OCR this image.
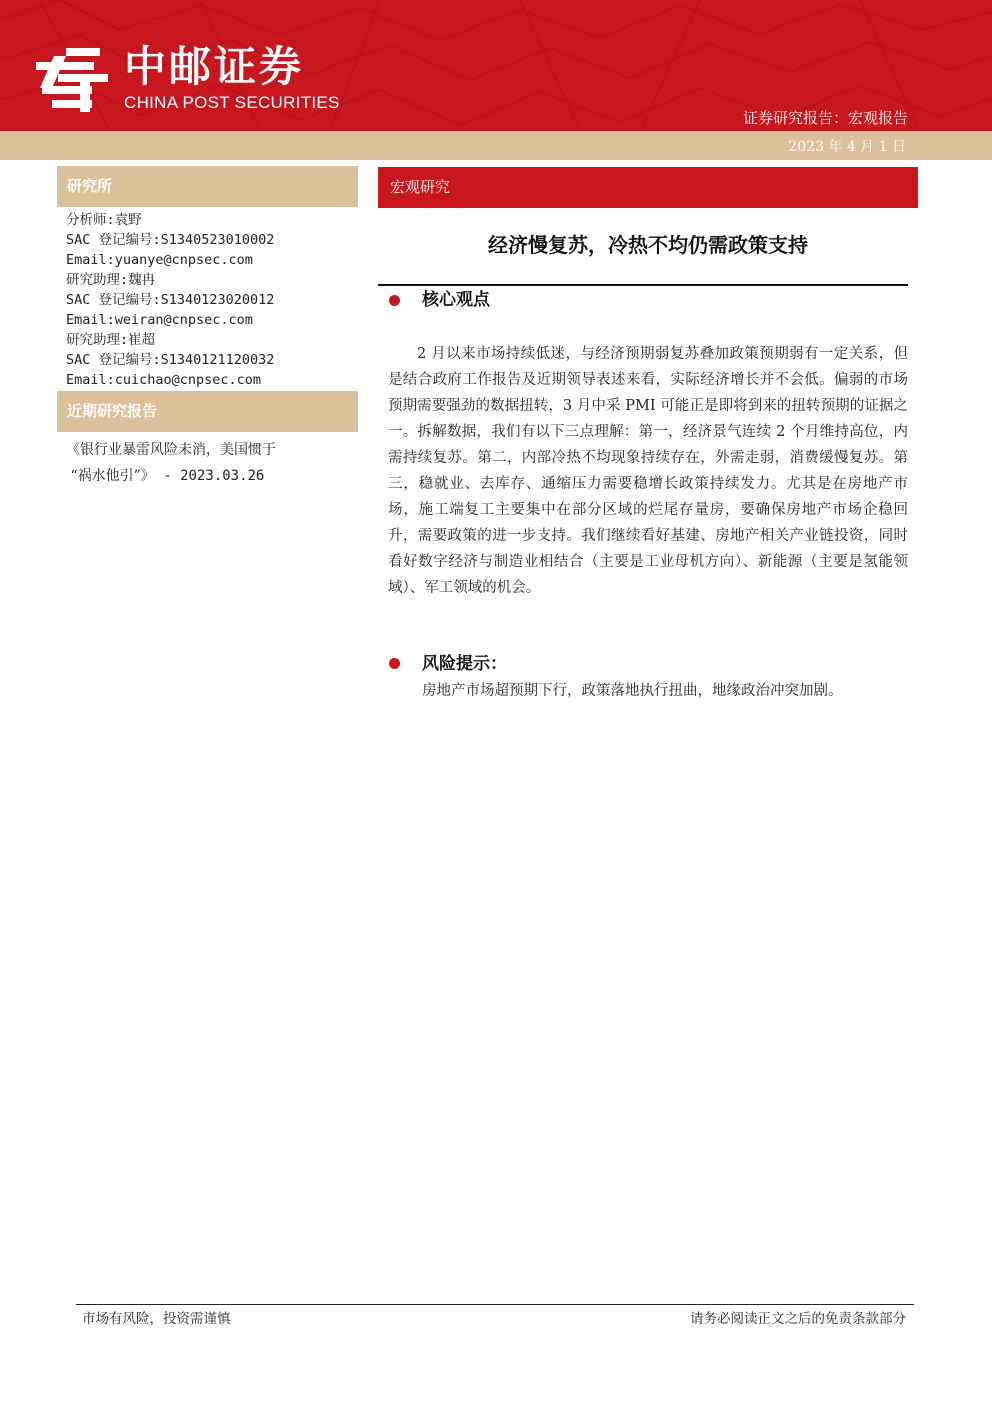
中邮证券
CHINA POST SECURITIES
证券研究报告：宏观报告
2023 年 4 月 1 日
研究所
分析师:袁野
SAC 登记编号:S1340523010002
Email:yuanye@cnpsec.com
研究助理:魏冉
SAC 登记编号:S1340123020012
Email:weiran@cnpsec.com
研究助理:崔超
SAC 登记编号:S1340121120032
Email:cuichao@cnpsec.com
近期研究报告
《银行业暴雷风险未消，美国惯于
“祸水他引”》 - 2023.03.26
宏观研究
经济慢复苏，冷热不均仍需政策支持
核心观点
2 月以来市场持续低迷，与经济预期弱复苏叠加政策预期弱有一定关系，但是结合政府工作报告及近期领导表述来看，实际经济增长并不会低。偏弱的市场预期需要强劲的数据扭转，3 月中采 PMI 可能正是即将到来的扭转预期的证据之一。拆解数据，我们有以下三点理解：第一，经济景气连续 2 个月维持高位，内需持续复苏。第二，内部冷热不均现象持续存在，外需走弱，消费缓慢复苏。第三，稳就业、去库存、通缩压力需要稳增长政策持续发力。尤其是在房地产市场，施工端复工主要集中在部分区域的烂尾存量房，要确保房地产市场企稳回升，需要政策的进一步支持。我们继续看好基建、房地产相关产业链投资，同时看好数字经济与制造业相结合（主要是工业母机方向）、新能源（主要是氢能领域）、军工领域的机会。
风险提示：
房地产市场超预期下行，政策落地执行扭曲，地缘政治冲突加剧。
市场有风险，投资需谨慎	请务必阅读正文之后的免责条款部分
